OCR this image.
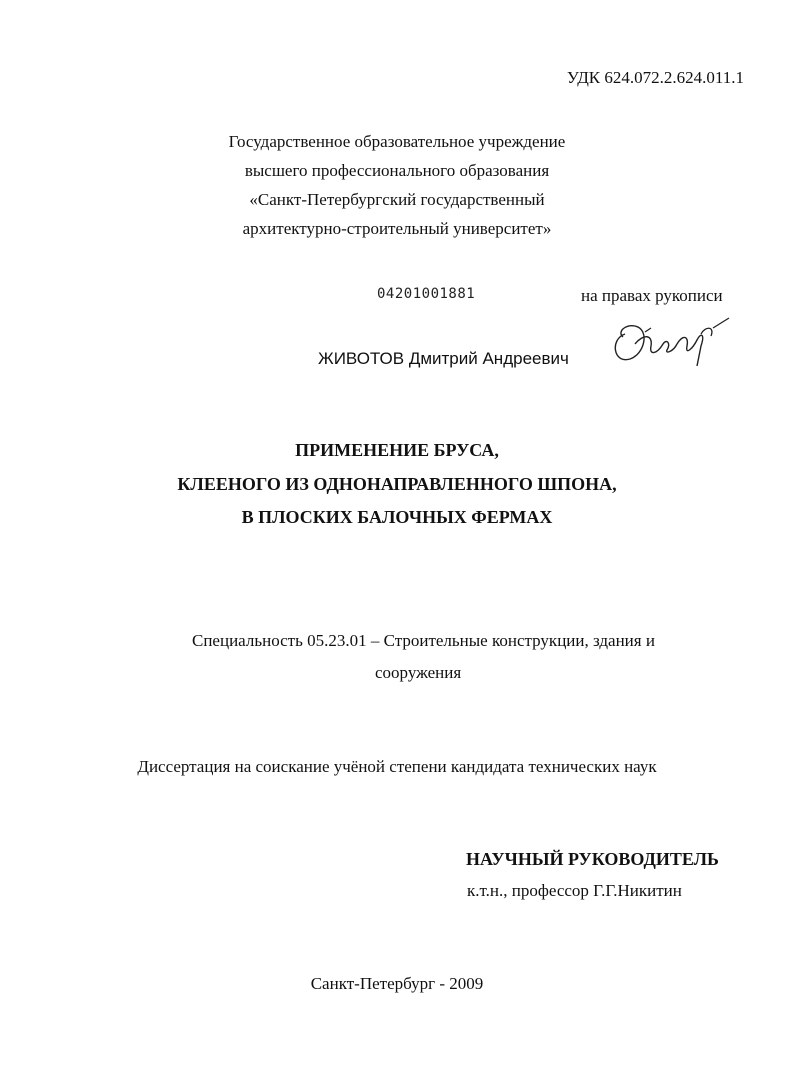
УДК 624.072.2.624.011.1
Государственное образовательное учреждение
высшего профессионального образования
«Санкт-Петербургский государственный
архитектурно-строительный университет»
04201001881	на правах рукописи
ЖИВОТОВ Дмитрий Андреевич
ПРИМЕНЕНИЕ БРУСА,
КЛЕЕНОГО ИЗ ОДНОНАПРАВЛЕННОГО ШПОНА,
В ПЛОСКИХ БАЛОЧНЫХ ФЕРМАХ
Специальность 05.23.01 – Строительные конструкции, здания и
сооружения
Диссертация на соискание учёной степени кандидата технических наук
НАУЧНЫЙ РУКОВОДИТЕЛЬ
к.т.н., профессор Г.Г.Никитин
Санкт-Петербург - 2009
